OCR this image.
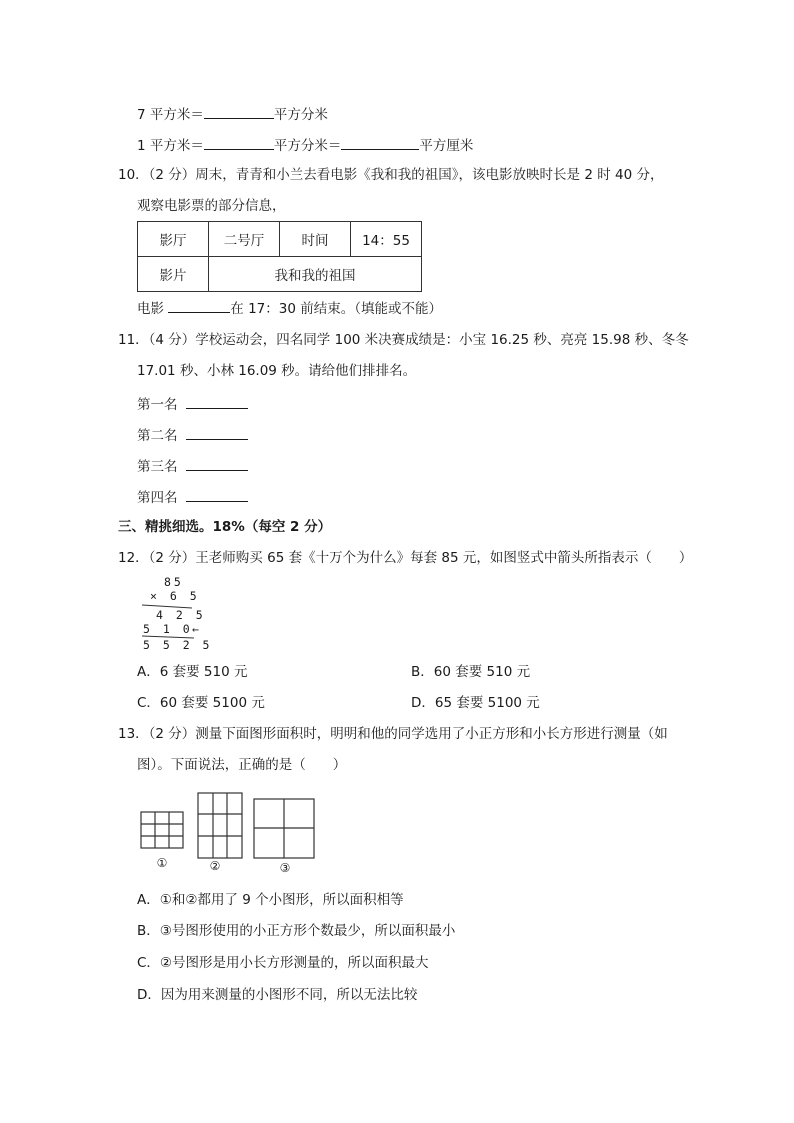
7 平方米＝	平方分米
1 平方米＝	平方分米＝	平方厘米
10．（2 分）周末，青青和小兰去看电影《我和我的祖国》，该电影放映时长是 2 时 40 分，
观察电影票的部分信息，
影厅	二号厅	时间	14：55
影片	我和我的祖国		
电影	在 17：30 前结束。（填能或不能）
11．（4 分）学校运动会，四名同学 100 米决赛成绩是：小宝 16.25 秒、亮亮 15.98 秒、冬冬
17.01 秒、小林 16.09 秒。请给他们排排名。
第一名
第二名
第三名
第四名
三、精挑细选。18%（每空 2 分）
12．（2 分）王老师购买 65 套《十万个为什么》每套 85 元，如图竖式中箭头所指表示（　　）
85
× 6 5
4 2 5
5 1 0 ←
5 5 2 5
A．6 套要 510 元	B．60 套要 510 元
C．60 套要 5100 元	D．65 套要 5100 元
13．（2 分）测量下面图形面积时，明明和他的同学选用了小正方形和小长方形进行测量（如
图）。下面说法，正确的是（　　）
①	②	③
A．①和②都用了 9 个小图形，所以面积相等
B．③号图形使用的小正方形个数最少，所以面积最小
C．②号图形是用小长方形测量的，所以面积最大
D．因为用来测量的小图形不同，所以无法比较
